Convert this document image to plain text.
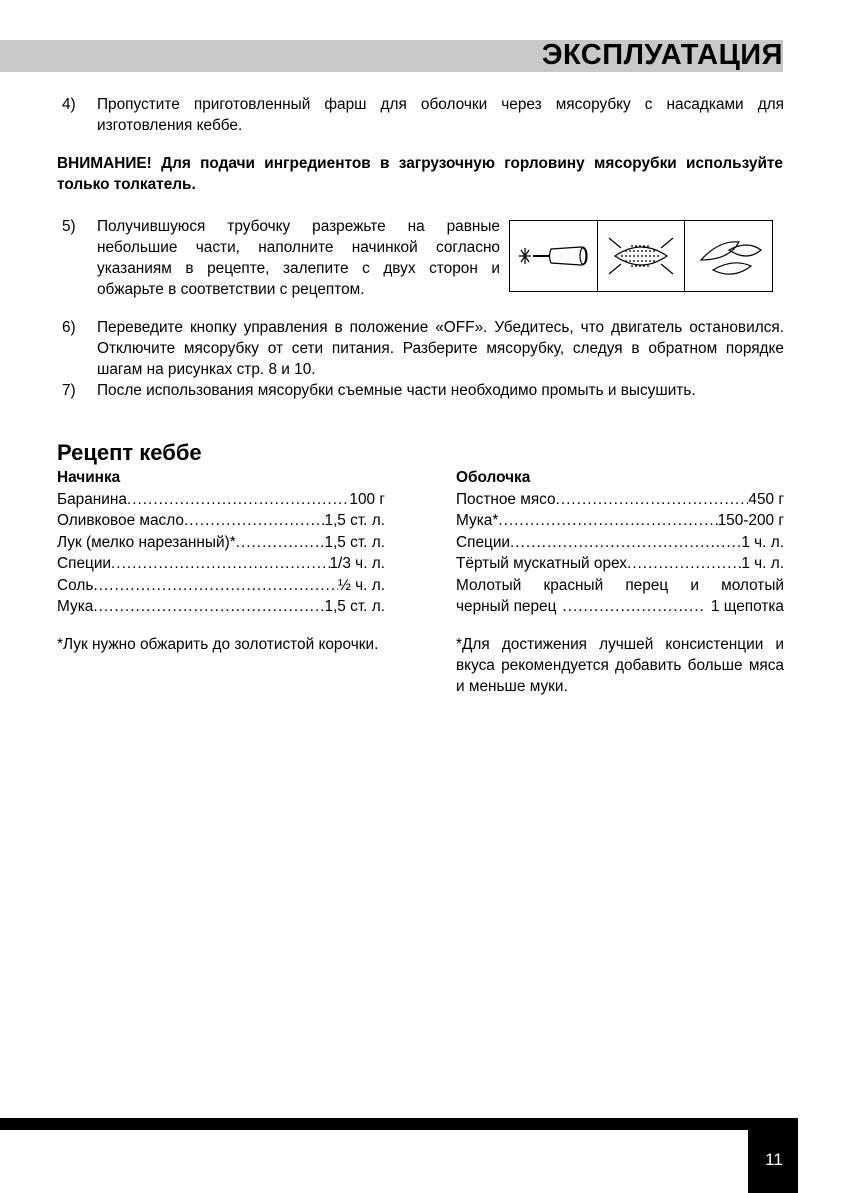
ЭКСПЛУАТАЦИЯ
4) Пропустите приготовленный фарш для оболочки через мясорубку с насадками для изготовления кеббе.
ВНИМАНИЕ! Для подачи ингредиентов в загрузочную горловину мясорубки используйте только толкатель.
5) Получившуюся трубочку разрежьте на равные небольшие части, наполните начинкой согласно указаниям в рецепте, залепите с двух сторон и обжарьте в соответствии с рецептом.
6) Переведите кнопку управления в положение «OFF». Убедитесь, что двигатель остановился. Отключите мясорубку от сети питания. Разберите мясорубку, следуя в обратном порядке шагам на рисунках стр. 8 и 10.
7) После использования мясорубки съемные части необходимо промыть и высушить.
Рецепт кеббе
Начинка
Баранина .....	100 г
Оливковое масло .....	1,5 ст. л.
Лук (мелко нарезанный)* .....	1,5 ст. л.
Специи .....	1/3 ч. л.
Соль .....	½ ч. л.
Мука .....	1,5 ст. л.
*Лук нужно обжарить до золотистой корочки.
Оболочка
Постное мясо .....	450 г
Мука* .....	150-200 г
Специи .....	1 ч. л.
Тёртый мускатный орех .....	1 ч. л.
Молотый красный перец и молотый
черный перец .....	1 щепотка
*Для достижения лучшей консистенции и вкуса рекомендуется добавить больше мяса и меньше муки.
11
